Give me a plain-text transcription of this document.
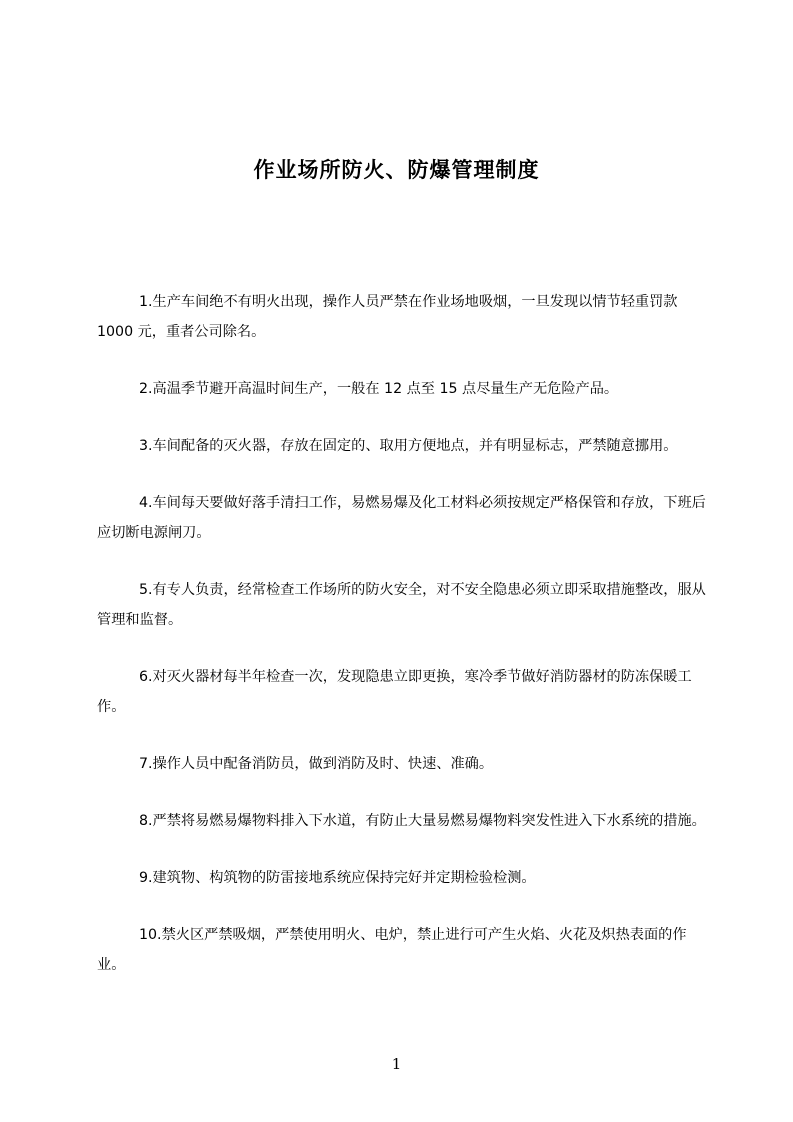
作业场所防火、防爆管理制度

1.生产车间绝不有明火出现，操作人员严禁在作业场地吸烟，一旦发现以情节轻重罚款 1000 元，重者公司除名。

2.高温季节避开高温时间生产，一般在 12 点至 15 点尽量生产无危险产品。

3.车间配备的灭火器，存放在固定的、取用方便地点，并有明显标志，严禁随意挪用。

4.车间每天要做好落手清扫工作，易燃易爆及化工材料必须按规定严格保管和存放，下班后应切断电源闸刀。

5.有专人负责，经常检查工作场所的防火安全，对不安全隐患必须立即采取措施整改，服从管理和监督。

6.对灭火器材每半年检查一次，发现隐患立即更换，寒冷季节做好消防器材的防冻保暖工作。

7.操作人员中配备消防员，做到消防及时、快速、准确。

8.严禁将易燃易爆物料排入下水道，有防止大量易燃易爆物料突发性进入下水系统的措施。

9.建筑物、构筑物的防雷接地系统应保持完好并定期检验检测。

10.禁火区严禁吸烟，严禁使用明火、电炉，禁止进行可产生火焰、火花及炽热表面的作业。

1
